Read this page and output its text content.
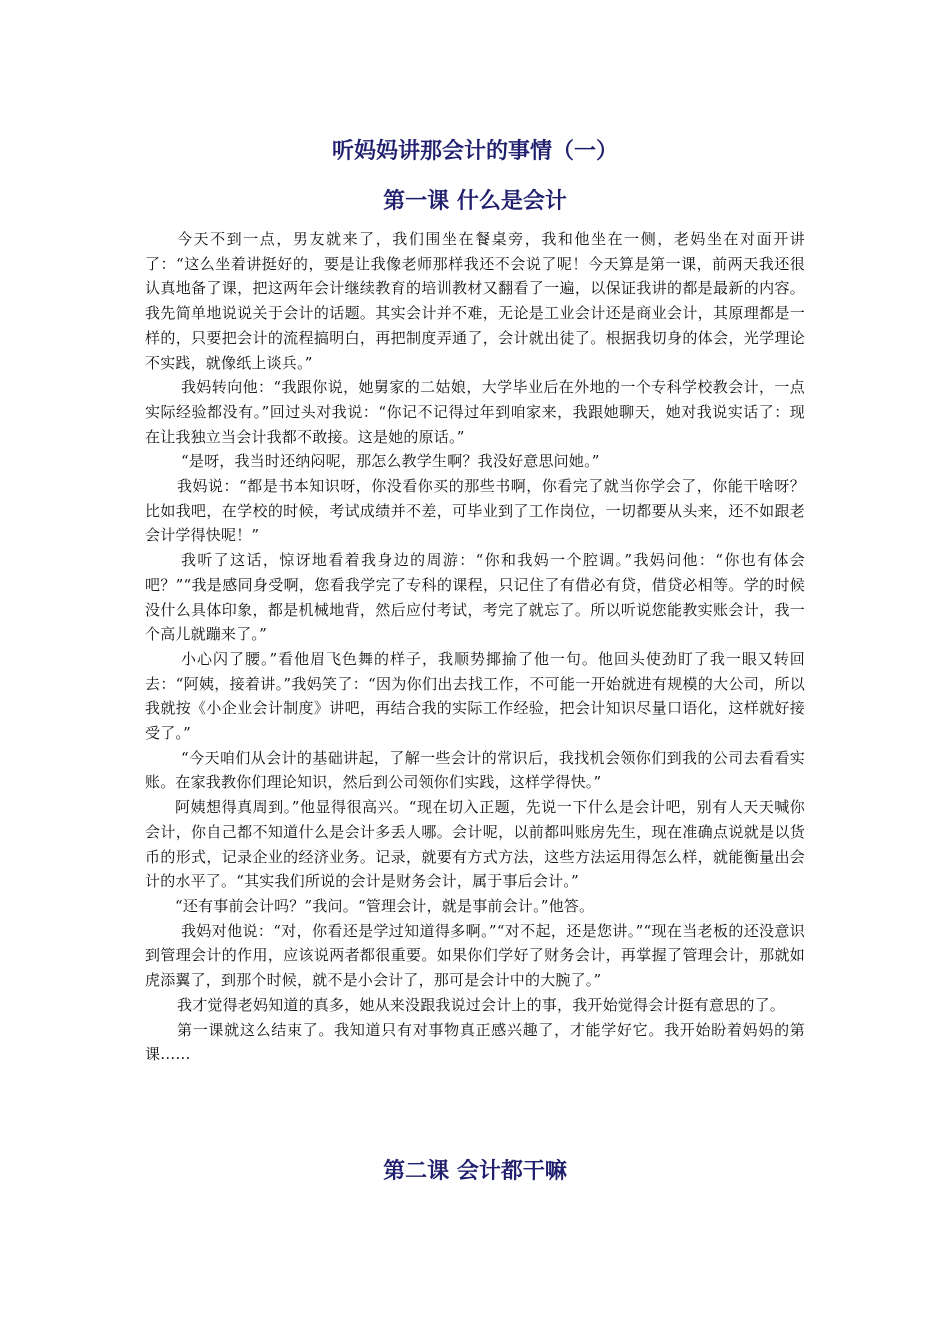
听妈妈讲那会计的事情（一）
第一课 什么是会计

今天不到一点，男友就来了，我们围坐在餐桌旁，我和他坐在一侧，老妈坐在对面开讲了：“这么坐着讲挺好的，要是让我像老师那样我还不会说了呢！今天算是第一课，前两天我还很认真地备了课，把这两年会计继续教育的培训教材又翻看了一遍，以保证我讲的都是最新的内容。我先简单地说说关于会计的话题。其实会计并不难，无论是工业会计还是商业会计，其原理都是一样的，只要把会计的流程搞明白，再把制度弄通了，会计就出徒了。根据我切身的体会，光学理论不实践，就像纸上谈兵。”

我妈转向他：“我跟你说，她舅家的二姑娘，大学毕业后在外地的一个专科学校教会计，一点实际经验都没有。”回过头对我说：“你记不记得过年到咱家来，我跟她聊天，她对我说实话了：现在让我独立当会计我都不敢接。这是她的原话。”

“是呀，我当时还纳闷呢，那怎么教学生啊？我没好意思问她。”

我妈说：“都是书本知识呀，你没看你买的那些书啊，你看完了就当你学会了，你能干啥呀？比如我吧，在学校的时候，考试成绩并不差，可毕业到了工作岗位，一切都要从头来，还不如跟老会计学得快呢！”

我听了这话，惊讶地看着我身边的周游：“你和我妈一个腔调。”我妈问他：“你也有体会吧？”“我是感同身受啊，您看我学完了专科的课程，只记住了有借必有贷，借贷必相等。学的时候没什么具体印象，都是机械地背，然后应付考试，考完了就忘了。所以听说您能教实账会计，我一个高儿就蹦来了。”

小心闪了腰。”看他眉飞色舞的样子，我顺势揶揄了他一句。他回头使劲盯了我一眼又转回去：“阿姨，接着讲。”我妈笑了：“因为你们出去找工作，不可能一开始就进有规模的大公司，所以我就按《小企业会计制度》讲吧，再结合我的实际工作经验，把会计知识尽量口语化，这样就好接受了。”

“今天咱们从会计的基础讲起，了解一些会计的常识后，我找机会领你们到我的公司去看看实账。在家我教你们理论知识，然后到公司领你们实践，这样学得快。”

阿姨想得真周到。”他显得很高兴。“现在切入正题，先说一下什么是会计吧，别有人天天喊你会计，你自己都不知道什么是会计多丢人哪。会计呢，以前都叫账房先生，现在准确点说就是以货币的形式，记录企业的经济业务。记录，就要有方式方法，这些方法运用得怎么样，就能衡量出会计的水平了。“其实我们所说的会计是财务会计，属于事后会计。”

“还有事前会计吗？”我问。“管理会计，就是事前会计。”他答。

我妈对他说：“对，你看还是学过知道得多啊。”“对不起，还是您讲。”“现在当老板的还没意识到管理会计的作用，应该说两者都很重要。如果你们学好了财务会计，再掌握了管理会计，那就如虎添翼了，到那个时候，就不是小会计了，那可是会计中的大腕了。”

我才觉得老妈知道的真多，她从来没跟我说过会计上的事，我开始觉得会计挺有意思的了。

第一课就这么结束了。我知道只有对事物真正感兴趣了，才能学好它。我开始盼着妈妈的第课……

第二课 会计都干嘛
